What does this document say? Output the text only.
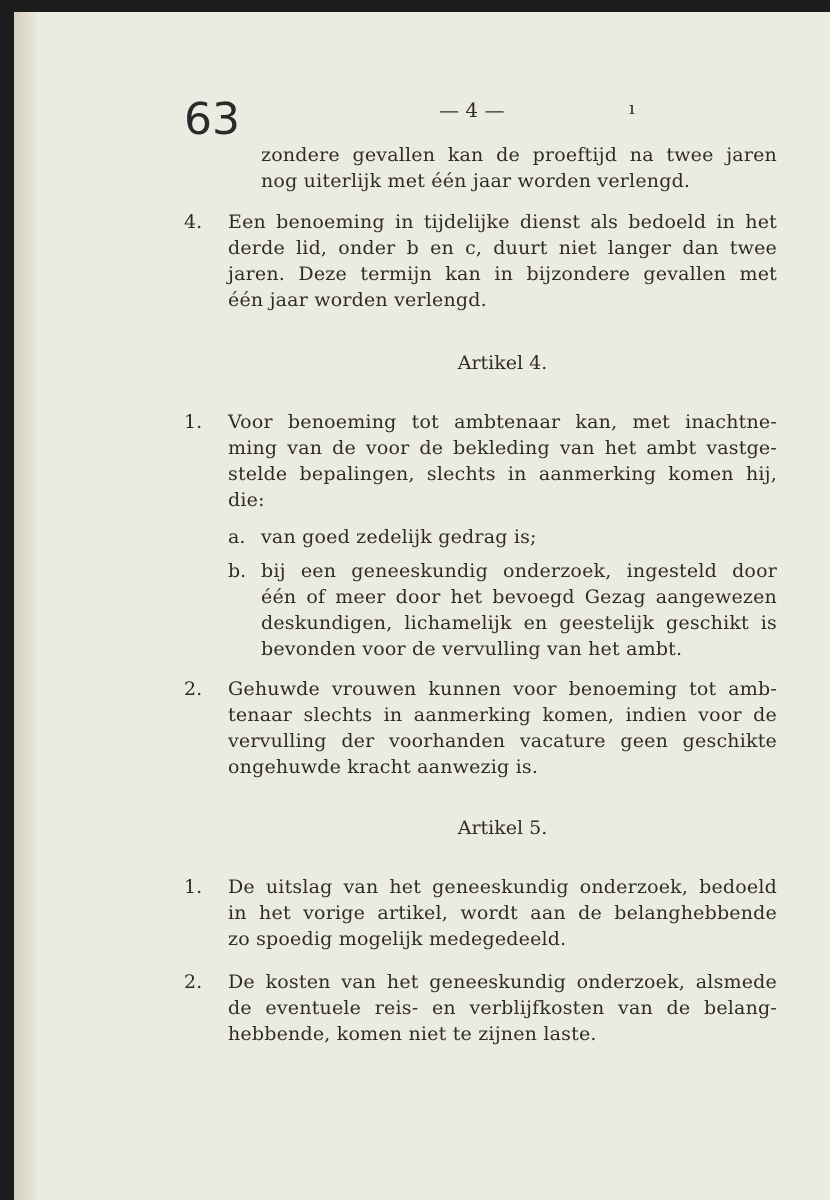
63	— 4 —	ı
zondere gevallen kan de proeftijd na twee jaren
nog uiterlijk met één jaar worden verlengd.
4. Een benoeming in tijdelijke dienst als bedoeld in het
derde lid, onder b en c, duurt niet langer dan twee
jaren. Deze termijn kan in bijzondere gevallen met
één jaar worden verlengd.
Artikel 4.
1. Voor benoeming tot ambtenaar kan, met inachtne-
ming van de voor de bekleding van het ambt vastge-
stelde bepalingen, slechts in aanmerking komen hij,
die:
a. van goed zedelijk gedrag is;
b. bij een geneeskundig onderzoek, ingesteld door
één of meer door het bevoegd Gezag aangewezen
deskundigen, lichamelijk en geestelijk geschikt is
bevonden voor de vervulling van het ambt.
2. Gehuwde vrouwen kunnen voor benoeming tot amb-
tenaar slechts in aanmerking komen, indien voor de
vervulling der voorhanden vacature geen geschikte
ongehuwde kracht aanwezig is.
Artikel 5.
1. De uitslag van het geneeskundig onderzoek, bedoeld
in het vorige artikel, wordt aan de belanghebbende
zo spoedig mogelijk medegedeeld.
2. De kosten van het geneeskundig onderzoek, alsmede
de eventuele reis- en verblijfkosten van de belang-
hebbende, komen niet te zijnen laste.
